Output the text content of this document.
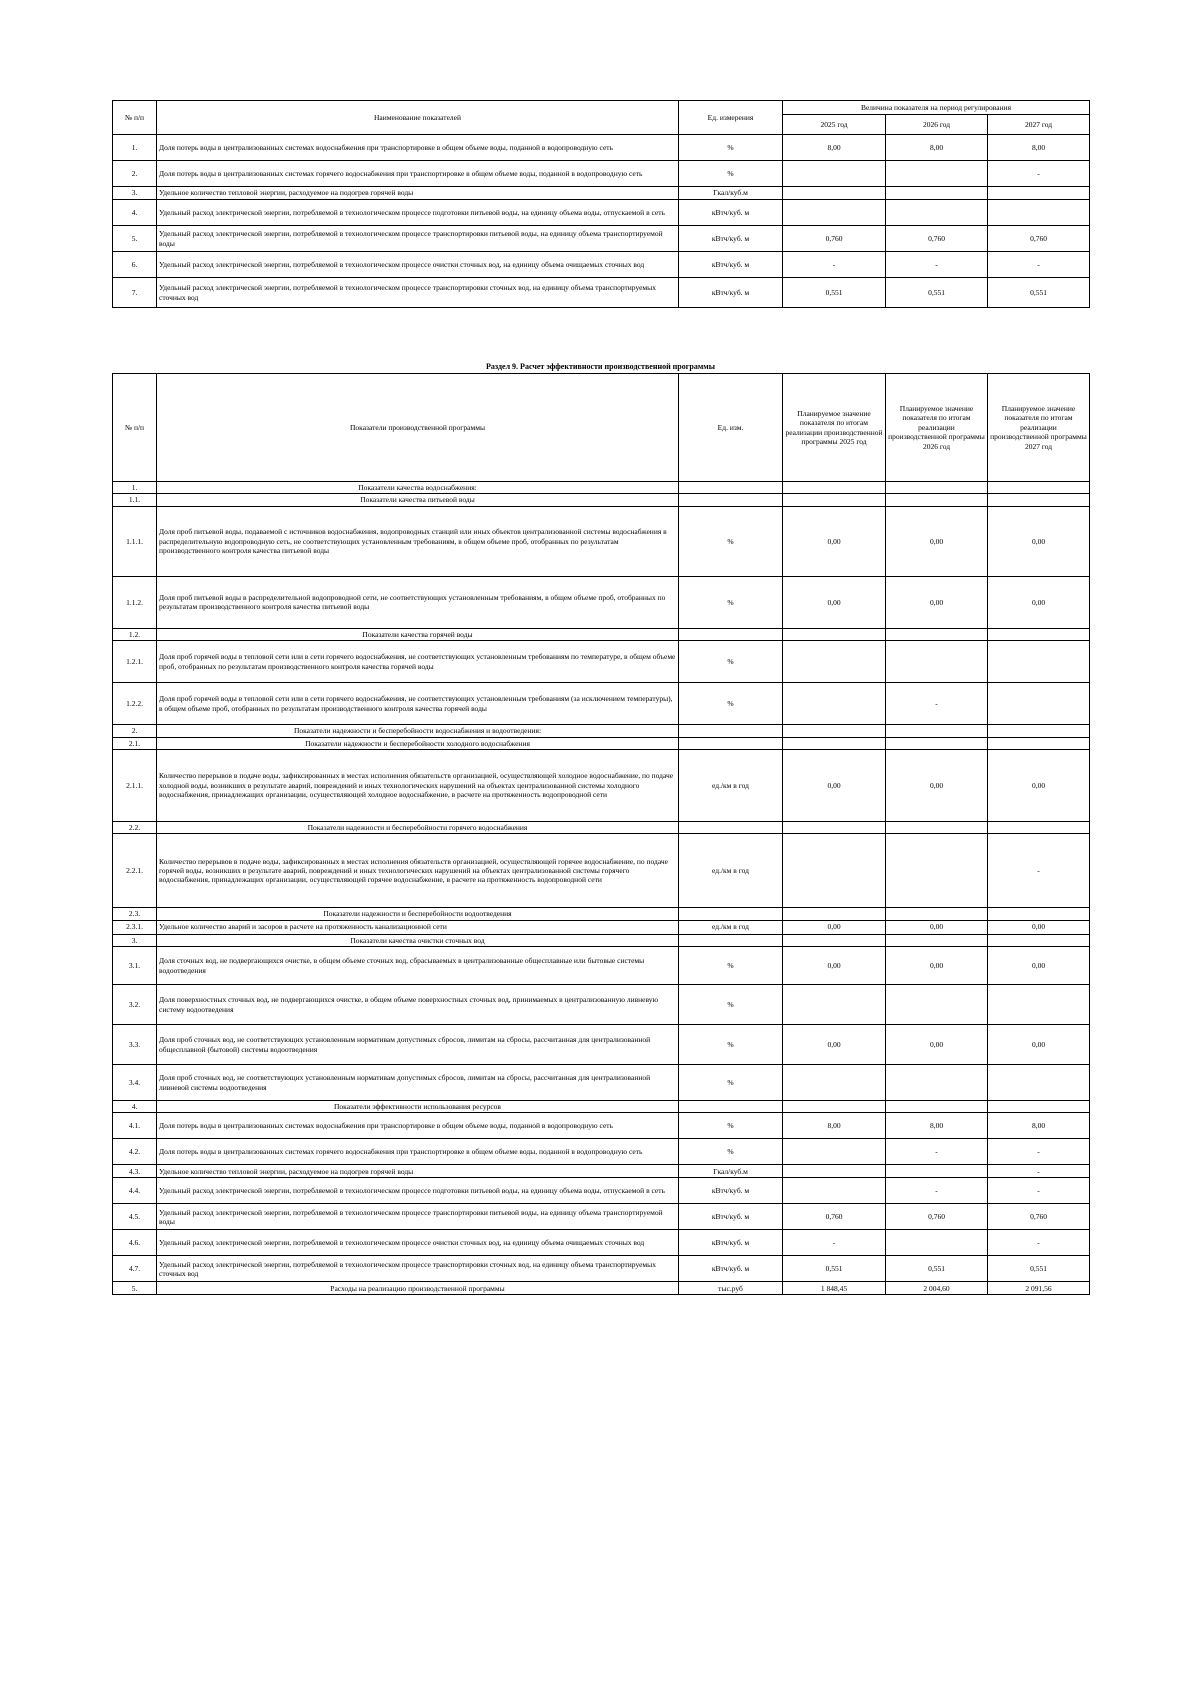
№ п/п	Наименование показателей	Ед. измерения	Величина показателя на период регулирования		
			2025 год	2026 год	2027 год
1.	Доля потерь воды в централизованных системах водоснабжения при транспортировке в общем объеме воды, поданной в водопроводную сеть	%	8,00	8,00	8,00
2.	Доля потерь воды в централизованных системах горячего водоснабжения при транспортировке в общем объеме воды, поданной в водопроводную сеть	%			-
3.	Удельное количество тепловой энергии, расходуемое на подогрев горячей воды	Гкал/куб.м			
4.	Удельный расход электрической энергии, потребляемой в технологическом процессе подготовки питьевой воды, на единицу объема воды, отпускаемой в сеть	кВтч/куб. м			
5.	Удельный расход электрической энергии, потребляемой в технологическом процессе транспортировки питьевой воды, на единицу объема транспортируемой воды	кВтч/куб. м	0,760	0,760	0,760
6.	Удельный расход электрической энергии, потребляемой в технологическом процессе очистки сточных вод, на единицу объема очищаемых сточных вод	кВтч/куб. м	-	-	-
7.	Удельный расход электрической энергии, потребляемой в технологическом процессе транспортировки сточных вод, на единицу объема транспортируемых сточных вод	кВтч/куб. м	0,551	0,551	0,551
Раздел 9. Расчет эффективности производственной программы
№ п/п	Показатели производственной программы	Ед. изм.	Планируемое значение показателя по итогам реализации производственной программы 2025 год	Планируемое значение показателя по итогам реализации производственной программы 2026 год	Планируемое значение показателя по итогам реализации производственной программы 2027 год
1.	Показатели качества водоснабжения:				
1.1.	Показатели качества питьевой воды				
1.1.1.	Доля проб питьевой воды, подаваемой с источников водоснабжения, водопроводных станций или иных объектов централизованной системы водоснабжения в распределительную водопроводную сеть, не соответствующих установленным требованиям, в общем объеме проб, отобранных по результатам производственного контроля качества питьевой воды	%	0,00	0,00	0,00
1.1.2.	Доля проб питьевой воды в распределительной водопроводной сети, не соответствующих установленным требованиям, в общем объеме проб, отобранных по результатам производственного контроля качества питьевой воды	%	0,00	0,00	0,00
1.2.	Показатели качества горячей воды				
1.2.1.	Доля проб горячей воды в тепловой сети или в сети горячего водоснабжения, не соответствующих установленным требованиям по температуре, в общем объеме проб, отобранных по результатам производственного контроля качества горячей воды	%			
1.2.2.	Доля проб горячей воды в тепловой сети или в сети горячего водоснабжения, не соответствующих установленным требованиям (за исключением температуры), в общем объеме проб, отобранных по результатам производственного контроля качества горячей воды	%		-	
2.	Показатели надежности и бесперебойности водоснабжения и водоотведения:				
2.1.	Показатели надежности и бесперебойности холодного водоснабжения				
2.1.1.	Количество перерывов в подаче воды, зафиксированных в местах исполнения обязательств организацией, осуществляющей холодное водоснабжение, по подаче холодной воды, возникших в результате аварий, повреждений и иных технологических нарушений на объектах централизованной системы холодного водоснабжения, принадлежащих организации, осуществляющей холодное водоснабжение, в расчете на протяженность водопроводной сети	ед./км в год	0,00	0,00	0,00
2.2.	Показатели надежности и бесперебойности горячего водоснабжения				
2.2.1.	Количество перерывов в подаче воды, зафиксированных в местах исполнения обязательств организацией, осуществляющей горячее водоснабжение, по подаче горячей воды, возникших в результате аварий, повреждений и иных технологических нарушений на объектах централизованной системы горячего водоснабжения, принадлежащих организации, осуществляющей горячее водоснабжение, в расчете на протяженность водопроводной сети	ед./км в год			-
2.3.	Показатели надежности и бесперебойности водоотведения				
2.3.1.	Удельное количество аварий и засоров в расчете на протяженность канализационной сети	ед./км в год	0,00	0,00	0,00
3.	Показатели качества очистки сточных вод				
3.1.	Доля сточных вод, не подвергающихся очистке, в общем объеме сточных вод, сбрасываемых в централизованные общесплавные или бытовые системы водоотведения	%	0,00	0,00	0,00
3.2.	Доля поверхностных сточных вод, не подвергающихся очистке, в общем объеме поверхностных сточных вод, принимаемых в централизованную ливневую систему водоотведения	%			
3.3.	Доля проб сточных вод, не соответствующих установленным нормативам допустимых сбросов, лимитам на сбросы, рассчитанная для централизованной общесплавной (бытовой) системы водоотведения	%	0,00	0,00	0,00
3.4.	Доля проб сточных вод, не соответствующих установленным нормативам допустимых сбросов, лимитам на сбросы, рассчитанная для централизованной ливневой системы водоотведения	%			
4.	Показатели эффективности использования ресурсов				
4.1.	Доля потерь воды в централизованных системах водоснабжения при транспортировке в общем объеме воды, поданной в водопроводную сеть	%	8,00	8,00	8,00
4.2.	Доля потерь воды в централизованных системах горячего водоснабжения при транспортировке в общем объеме воды, поданной в водопроводную сеть	%		-	-
4.3.	Удельное количество тепловой энергии, расходуемое на подогрев горячей воды	Гкал/куб.м			-
4.4.	Удельный расход электрической энергии, потребляемой в технологическом процессе подготовки питьевой воды, на единицу объема воды, отпускаемой в сеть	кВтч/куб. м		-	-
4.5.	Удельный расход электрической энергии, потребляемой в технологическом процессе транспортировки питьевой воды, на единицу объема транспортируемой воды	кВтч/куб. м	0,760	0,760	0,760
4.6.	Удельный расход электрической энергии, потребляемой в технологическом процессе очистки сточных вод, на единицу объема очищаемых сточных вод	кВтч/куб. м	-		-
4.7.	Удельный расход электрической энергии, потребляемой в технологическом процессе транспортировки сточных вод, на единицу объема транспортируемых сточных вод	кВтч/куб. м	0,551	0,551	0,551
5.	Расходы на реализацию производственной программы	тыс.руб	1 848,45	2 004,60	2 091,56
